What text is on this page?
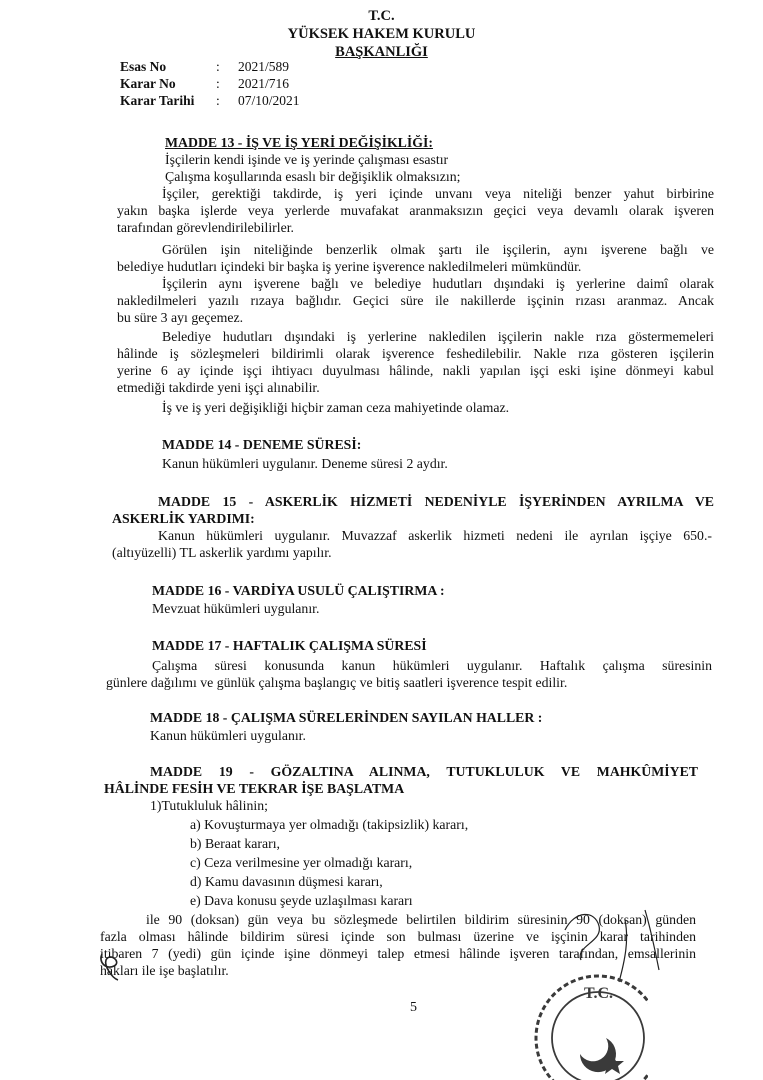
T.C.
YÜKSEK HAKEM KURULU
BAŞKANLIĞI
Esas No	:	2021/589
Karar No	:	2021/716
Karar Tarihi	:	07/10/2021
MADDE 13 - İŞ VE İŞ YERİ DEĞİŞİKLİĞİ:
İşçilerin kendi işinde ve iş yerinde çalışması esastır
Çalışma koşullarında esaslı bir değişiklik olmaksızın;
İşçiler, gerektiği takdirde, iş yeri içinde unvanı veya niteliği benzer yahut birbirine
yakın başka işlerde veya yerlerde muvafakat aranmaksızın geçici veya devamlı olarak işveren
tarafından görevlendirilebilirler.
Görülen işin niteliğinde benzerlik olmak şartı ile işçilerin, aynı işverene bağlı ve
belediye hudutları içindeki bir başka iş yerine işverence nakledilmeleri mümkündür.
İşçilerin aynı işverene bağlı ve belediye hudutları dışındaki iş yerlerine daimî olarak
nakledilmeleri yazılı rızaya bağlıdır. Geçici süre ile nakillerde işçinin rızası aranmaz. Ancak
bu süre 3 ayı geçemez.
Belediye hudutları dışındaki iş yerlerine nakledilen işçilerin nakle rıza göstermemeleri
hâlinde iş sözleşmeleri bildirimli olarak işverence feshedilebilir. Nakle rıza gösteren işçilerin
yerine 6 ay içinde işçi ihtiyacı duyulması hâlinde, nakli yapılan işçi eski işine dönmeyi kabul
etmediği takdirde yeni işçi alınabilir.
İş ve iş yeri değişikliği hiçbir zaman ceza mahiyetinde olamaz.
MADDE 14 - DENEME SÜRESİ:
Kanun hükümleri uygulanır. Deneme süresi 2 aydır.
MADDE 15 - ASKERLİK HİZMETİ NEDENİYLE İŞYERİNDEN AYRILMA VE
ASKERLİK YARDIMI:
Kanun hükümleri uygulanır. Muvazzaf askerlik hizmeti nedeni ile ayrılan işçiye 650.-
(altıyüzelli) TL askerlik yardımı yapılır.
MADDE 16 - VARDİYA USULÜ ÇALIŞTIRMA :
Mevzuat hükümleri uygulanır.
MADDE 17 - HAFTALIK ÇALIŞMA SÜRESİ
Çalışma süresi konusunda kanun hükümleri uygulanır. Haftalık çalışma süresinin
günlere dağılımı ve günlük çalışma başlangıç ve bitiş saatleri işverence tespit edilir.
MADDE 18 - ÇALIŞMA SÜRELERİNDEN SAYILAN HALLER :
Kanun hükümleri uygulanır.
MADDE 19 - GÖZALTINA ALINMA, TUTUKLULUK VE MAHKÛMİYET
HÂLİNDE FESİH VE TEKRAR İŞE BAŞLATMA
1)Tutukluluk hâlinin;
a) Kovuşturmaya yer olmadığı (takipsizlik) kararı,
b) Beraat kararı,
c) Ceza verilmesine yer olmadığı kararı,
d) Kamu davasının düşmesi kararı,
e) Dava konusu şeyde uzlaşılması kararı
ile 90 (doksan) gün veya bu sözleşmede belirtilen bildirim süresinin 90 (doksan) günden
fazla olması hâlinde bildirim süresi içinde son bulması üzerine ve işçinin karar tarihinden
itibaren 7 (yedi) gün içinde işine dönmeyi talep etmesi hâlinde işveren tarafından, emsallerinin
hakları ile işe başlatılır.
5
T.C.
